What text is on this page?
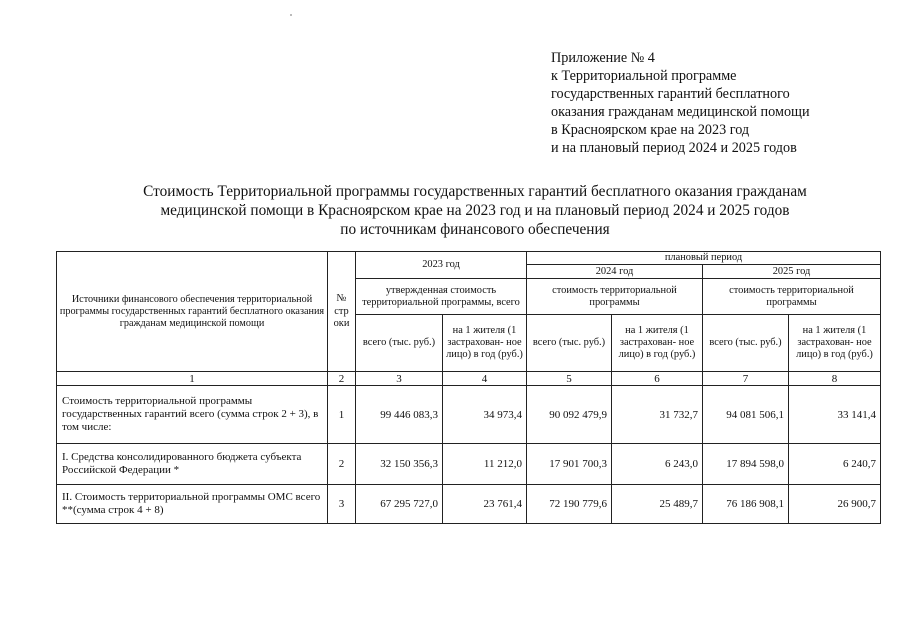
Приложение № 4
к Территориальной программе
государственных гарантий бесплатного
оказания гражданам медицинской помощи
в Красноярском крае на 2023 год
и на плановый период 2024 и 2025 годов
Стоимость Территориальной программы государственных гарантий бесплатного оказания гражданам
медицинской помощи в Красноярском крае на 2023 год и на плановый период 2024 и 2025 годов
по источникам финансового обеспечения
Источники финансового обеспечения территориальной программы государственных гарантий бесплатного оказания гражданам медицинской помощи	№ стр оки	2023 год		плановый период			
				2024 год		2025 год	
		утвержденная стоимость территориальной программы, всего		стоимость территориальной программы		стоимость территориальной программы	
		всего (тыс. руб.)	на 1 жителя (1 застрахован- ное лицо) в год (руб.)	всего (тыс. руб.)	на 1 жителя (1 застрахован- ное лицо) в год (руб.)	всего (тыс. руб.)	на 1 жителя (1 застрахован- ное лицо) в год (руб.)
1	2	3	4	5	6	7	8
Стоимость территориальной программы государственных гарантий всего (сумма строк 2 + 3), в том числе:	1	99 446 083,3	34 973,4	90 092 479,9	31 732,7	94 081 506,1	33 141,4
I. Средства консолидированного бюджета субъекта Российской Федерации *	2	32 150 356,3	11 212,0	17 901 700,3	6 243,0	17 894 598,0	6 240,7
II. Стоимость территориальной программы ОМС всего **(сумма строк 4 + 8)	3	67 295 727,0	23 761,4	72 190 779,6	25 489,7	76 186 908,1	26 900,7
